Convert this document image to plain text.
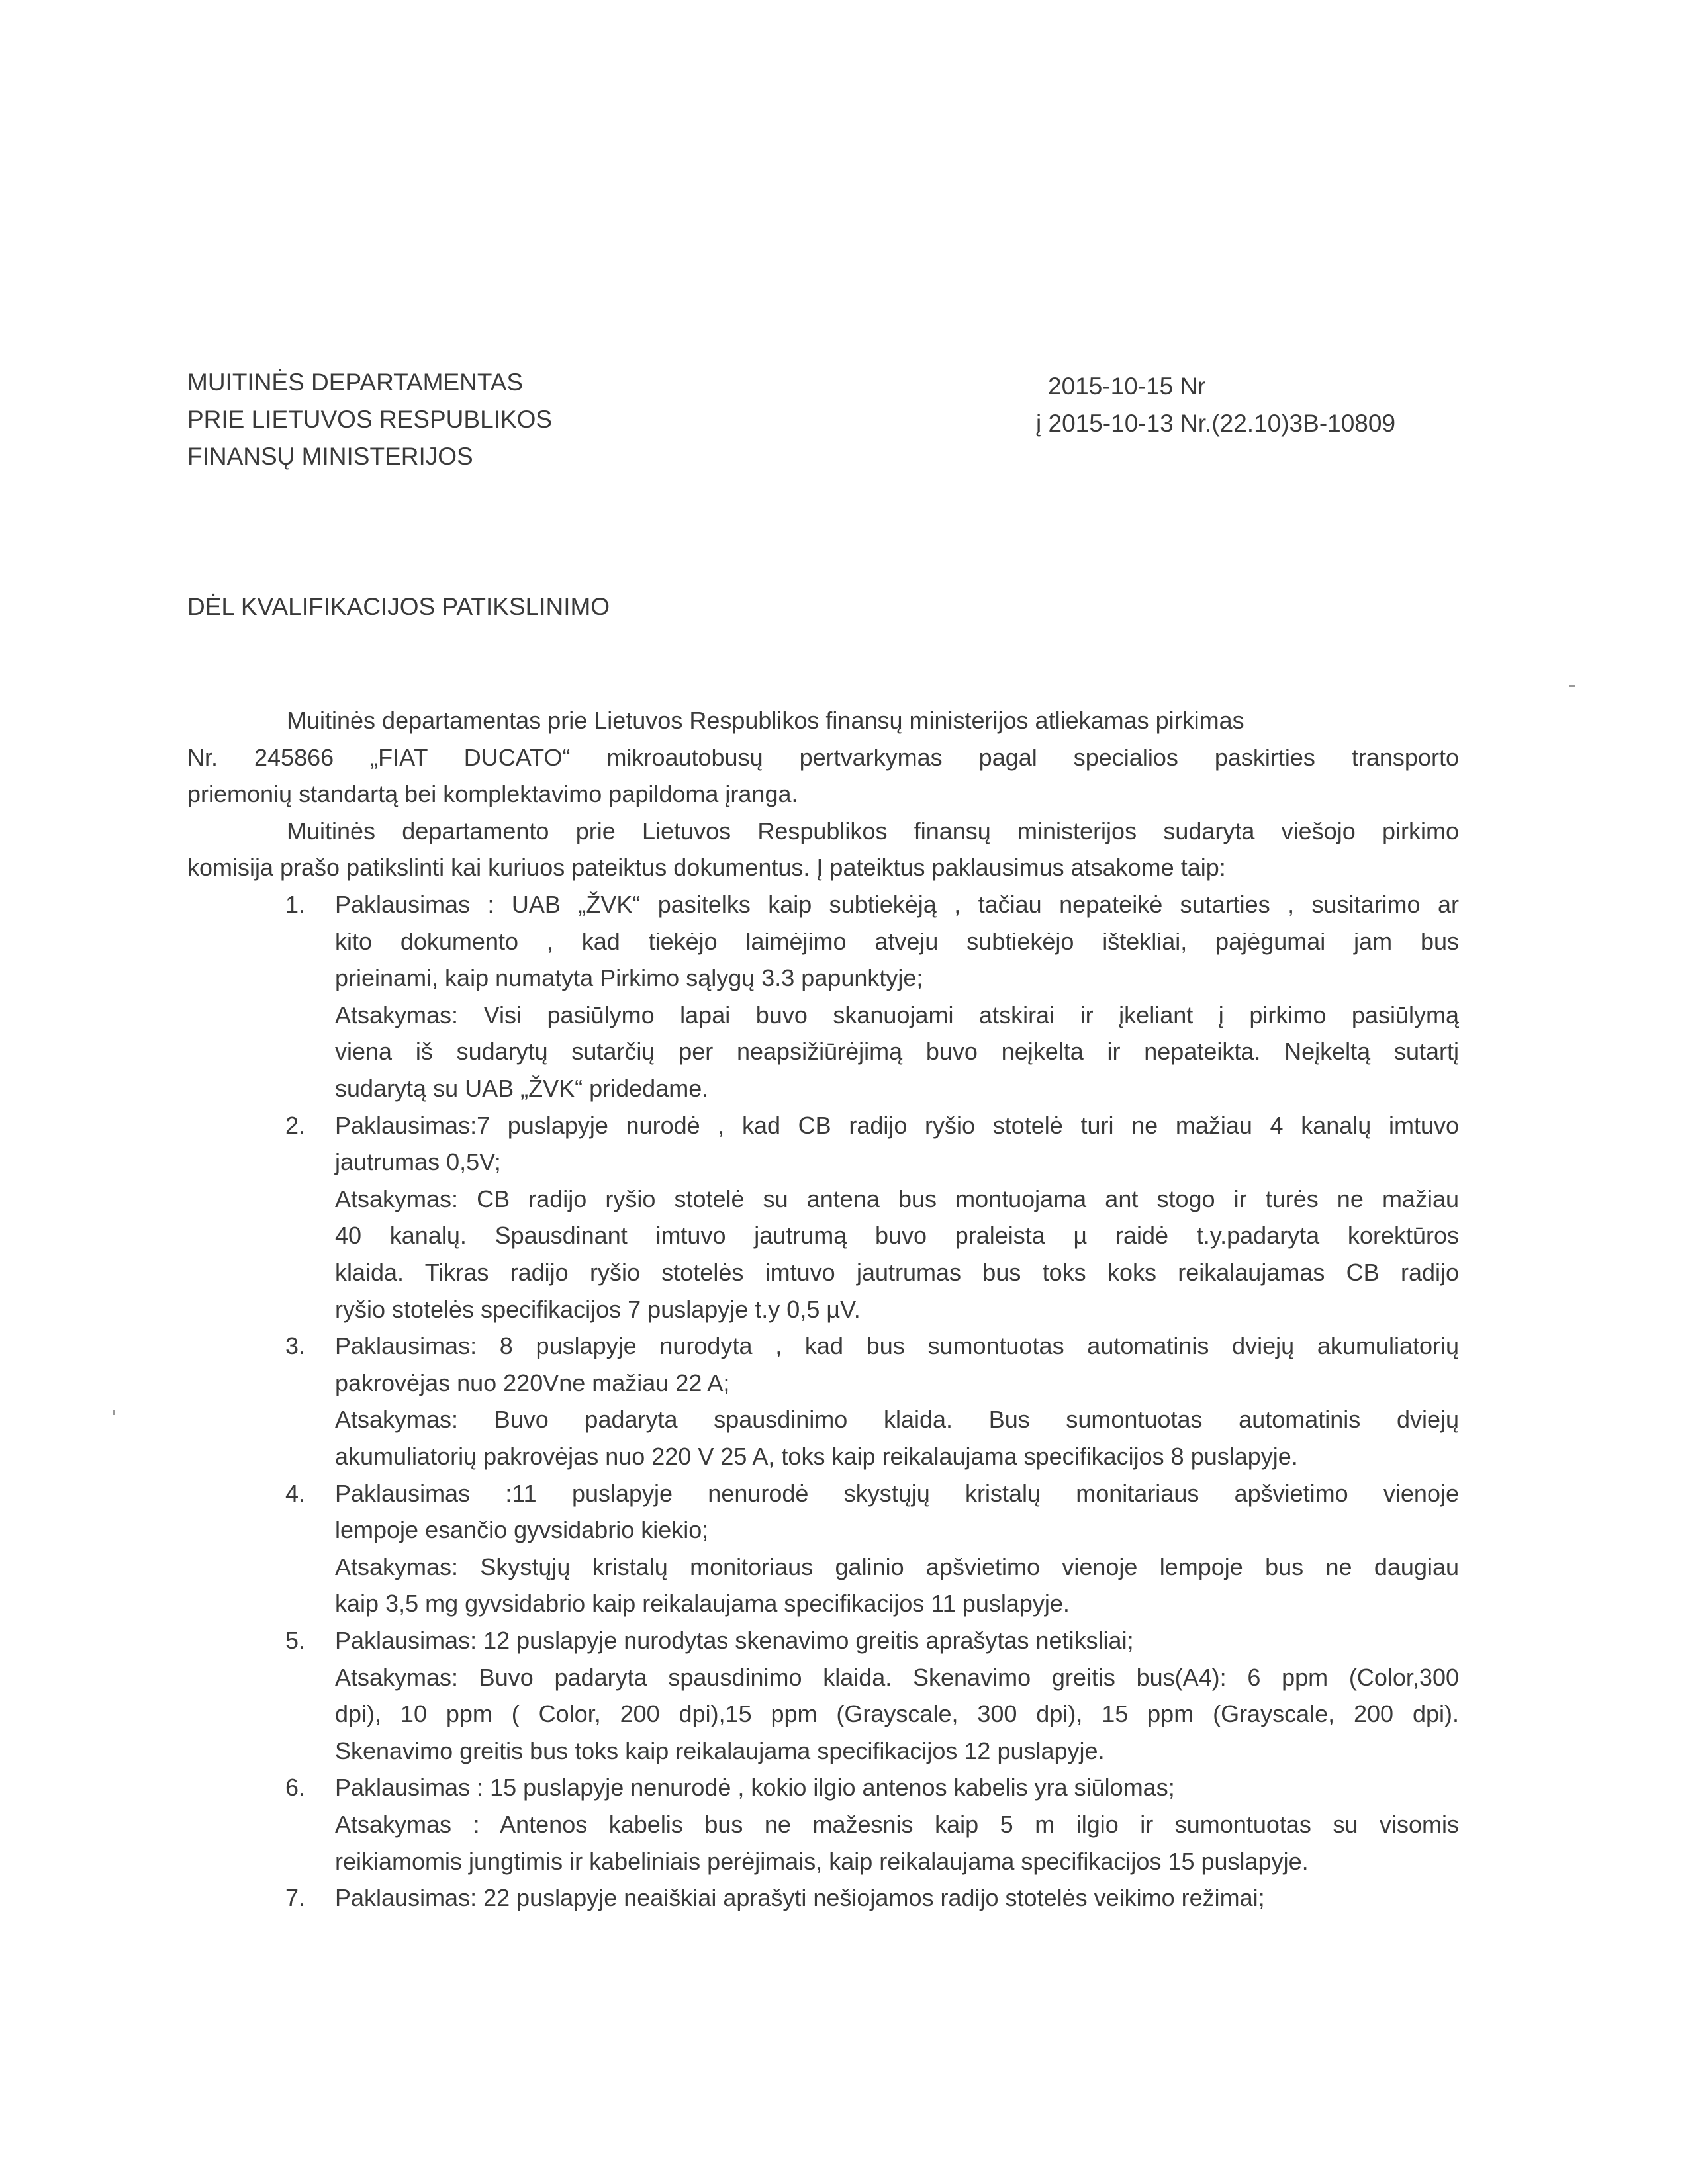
MUITINĖS DEPARTAMENTAS
PRIE LIETUVOS RESPUBLIKOS
FINANSŲ MINISTERIJOS
2015-10-15 Nr
į 2015-10-13 Nr.(22.10)3B-10809
DĖL KVALIFIKACIJOS PATIKSLINIMO
Muitinės departamentas prie Lietuvos Respublikos finansų ministerijos atliekamas pirkimas
Nr. 245866 „FIAT DUCATO“ mikroautobusų pertvarkymas pagal specialios paskirties transporto
priemonių standartą bei komplektavimo papildoma įranga.
Muitinės departamento prie Lietuvos Respublikos finansų ministerijos sudaryta viešojo pirkimo
komisija prašo patikslinti kai kuriuos pateiktus dokumentus. Į pateiktus paklausimus atsakome taip:
1. Paklausimas : UAB „ŽVK“ pasitelks kaip subtiekėją , tačiau nepateikė sutarties , susitarimo ar
kito dokumento , kad tiekėjo laimėjimo atveju subtiekėjo ištekliai, pajėgumai jam bus
prieinami, kaip numatyta Pirkimo sąlygų 3.3 papunktyje;
Atsakymas: Visi pasiūlymo lapai buvo skanuojami atskirai ir įkeliant į pirkimo pasiūlymą
viena iš sudarytų sutarčių per neapsižiūrėjimą buvo neįkelta ir nepateikta. Neįkeltą sutartį
sudarytą su UAB „ŽVK“ pridedame.
2. Paklausimas:7 puslapyje nurodė , kad CB radijo ryšio stotelė turi ne mažiau 4 kanalų imtuvo
jautrumas 0,5V;
Atsakymas: CB radijo ryšio stotelė su antena bus montuojama ant stogo ir turės ne mažiau
40 kanalų. Spausdinant imtuvo jautrumą buvo praleista µ raidė t.y.padaryta korektūros
klaida. Tikras radijo ryšio stotelės imtuvo jautrumas bus toks koks reikalaujamas CB radijo
ryšio stotelės specifikacijos 7 puslapyje t.y 0,5 µV.
3. Paklausimas: 8 puslapyje nurodyta , kad bus sumontuotas automatinis dviejų akumuliatorių
pakrovėjas nuo 220Vne mažiau 22 A;
Atsakymas: Buvo padaryta spausdinimo klaida. Bus sumontuotas automatinis dviejų
akumuliatorių pakrovėjas nuo 220 V 25 A, toks kaip reikalaujama specifikacijos 8 puslapyje.
4. Paklausimas :11 puslapyje nenurodė skystųjų kristalų monitariaus apšvietimo vienoje
lempoje esančio gyvsidabrio kiekio;
Atsakymas: Skystųjų kristalų monitoriaus galinio apšvietimo vienoje lempoje bus ne daugiau
kaip 3,5 mg gyvsidabrio kaip reikalaujama specifikacijos 11 puslapyje.
5. Paklausimas: 12 puslapyje nurodytas skenavimo greitis aprašytas netiksliai;
Atsakymas: Buvo padaryta spausdinimo klaida. Skenavimo greitis bus(A4): 6 ppm (Color,300
dpi), 10 ppm ( Color, 200 dpi),15 ppm (Grayscale, 300 dpi), 15 ppm (Grayscale, 200 dpi).
Skenavimo greitis bus toks kaip reikalaujama specifikacijos 12 puslapyje.
6. Paklausimas : 15 puslapyje nenurodė , kokio ilgio antenos kabelis yra siūlomas;
Atsakymas : Antenos kabelis bus ne mažesnis kaip 5 m ilgio ir sumontuotas su visomis
reikiamomis jungtimis ir kabeliniais perėjimais, kaip reikalaujama specifikacijos 15 puslapyje.
7. Paklausimas: 22 puslapyje neaiškiai aprašyti nešiojamos radijo stotelės veikimo režimai;
